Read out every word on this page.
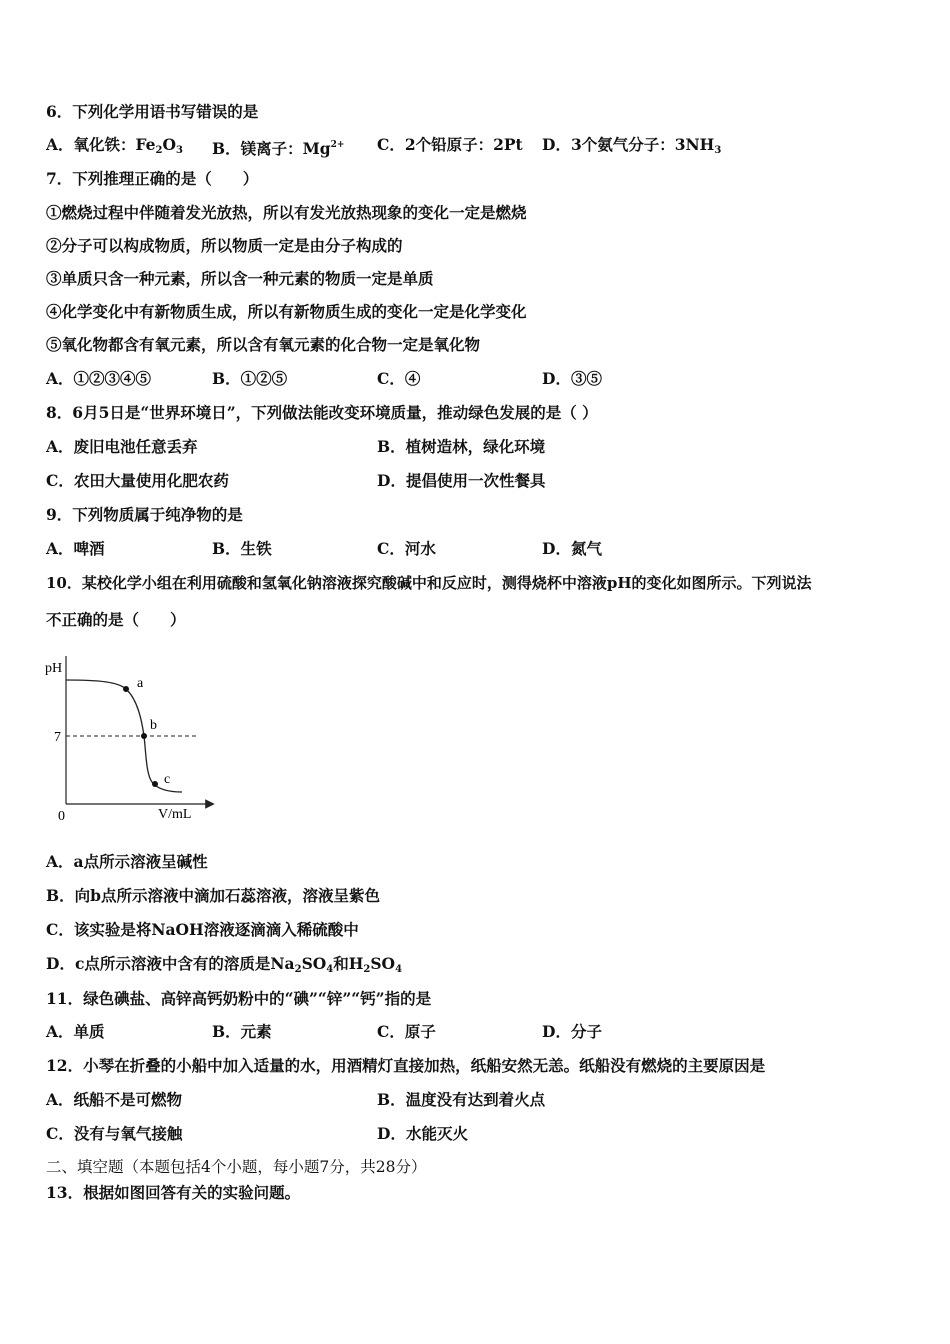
6．下列化学用语书写错误的是
A．氧化铁：$Fe_2O_3$ B．镁离子：$Mg^{2+}$ C．2个铅原子：2Pt D．3个氨气分子：$3NH_3$
7．下列推理正确的是（　　）
①燃烧过程中伴随着发光放热，所以有发光放热现象的变化一定是燃烧
②分子可以构成物质，所以物质一定是由分子构成的
③单质只含一种元素，所以含一种元素的物质一定是单质
④化学变化中有新物质生成，所以有新物质生成的变化一定是化学变化
⑤氧化物都含有氧元素，所以含有氧元素的化合物一定是氧化物
A．①②③④⑤	B．①②⑤	C．④	D．③⑤
8．6月5日是“世界环境日”，下列做法能改变环境质量，推动绿色发展的是（ ）
A．废旧电池任意丢弃	B．植树造林，绿化环境
C．农田大量使用化肥农药	D．提倡使用一次性餐具
9．下列物质属于纯净物的是
A．啤酒	B．生铁	C．河水	D．氮气
10．某校化学小组在利用硫酸和氢氧化钠溶液探究酸碱中和反应时，测得烧杯中溶液pH的变化如图所示。下列说法
不正确的是（　　）
pH
7
0	V/mL
a
b
c
A．a点所示溶液呈碱性
B．向b点所示溶液中滴加石蕊溶液，溶液呈紫色
C．该实验是将NaOH溶液逐滴滴入稀硫酸中
D．c点所示溶液中含有的溶质是$Na_2SO_4$和$H_2SO_4$
11．绿色碘盐、高锌高钙奶粉中的“碘”“锌”“钙”指的是
A．单质	B．元素	C．原子	D．分子
12．小琴在折叠的小船中加入适量的水，用酒精灯直接加热，纸船安然无恙。纸船没有燃烧的主要原因是
A．纸船不是可燃物	B．温度没有达到着火点
C．没有与氧气接触	D．水能灭火
二、填空题（本题包括4个小题，每小题7分，共28分）
13．根据如图回答有关的实验问题。
